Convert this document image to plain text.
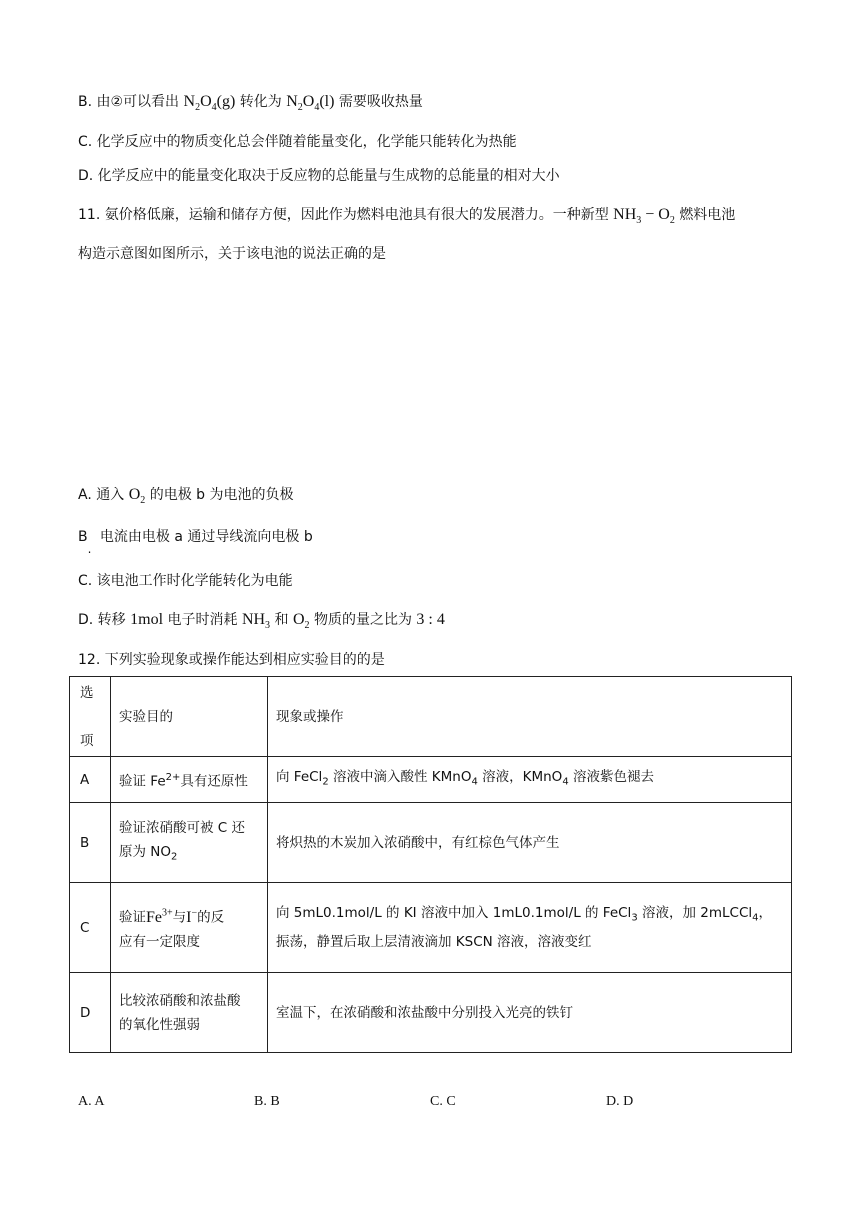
B. 由②可以看出 $N_2O_4(g)$ 转化为 $N_2O_4(l)$ 需要吸收热量
C. 化学反应中的物质变化总会伴随着能量变化，化学能只能转化为热能
D. 化学反应中的能量变化取决于反应物的总能量与生成物的总能量的相对大小
11. 氨价格低廉，运输和储存方便，因此作为燃料电池具有很大的发展潜力。一种新型 $NH_3 - O_2$ 燃料电池
构造示意图如图所示，关于该电池的说法正确的是
A. 通入 $O_2$ 的电极 b 为电池的负极
B. 电流由电极 a 通过导线流向电极 b
C. 该电池工作时化学能转化为电能
D. 转移 1mol 电子时消耗 $NH_3$ 和 $O_2$ 物质的量之比为 3 : 4
12. 下列实验现象或操作能达到相应实验目的的是
选

项	实验目的	现象或操作
A	验证 $Fe^{2+}$具有还原性	向 FeCl$_2$ 溶液中滴入酸性 KMnO$_4$ 溶液，KMnO$_4$ 溶液紫色褪去
B	验证浓硝酸可被 C 还
原为 $NO_2$	将炽热的木炭加入浓硝酸中，有红棕色气体产生
C	验证$Fe^{3+}$与I−的反
应有一定限度	向 5mL0.1mol/L 的 KI 溶液中加入 1mL0.1mol/L 的 FeCl$_3$ 溶液，加 2mLCCl$_4$，
振荡，静置后取上层清液滴加 KSCN 溶液，溶液变红
D	比较浓硝酸和浓盐酸
的氧化性强弱	室温下，在浓硝酸和浓盐酸中分别投入光亮的铁钉
A. A	B. B	C. C	D. D
